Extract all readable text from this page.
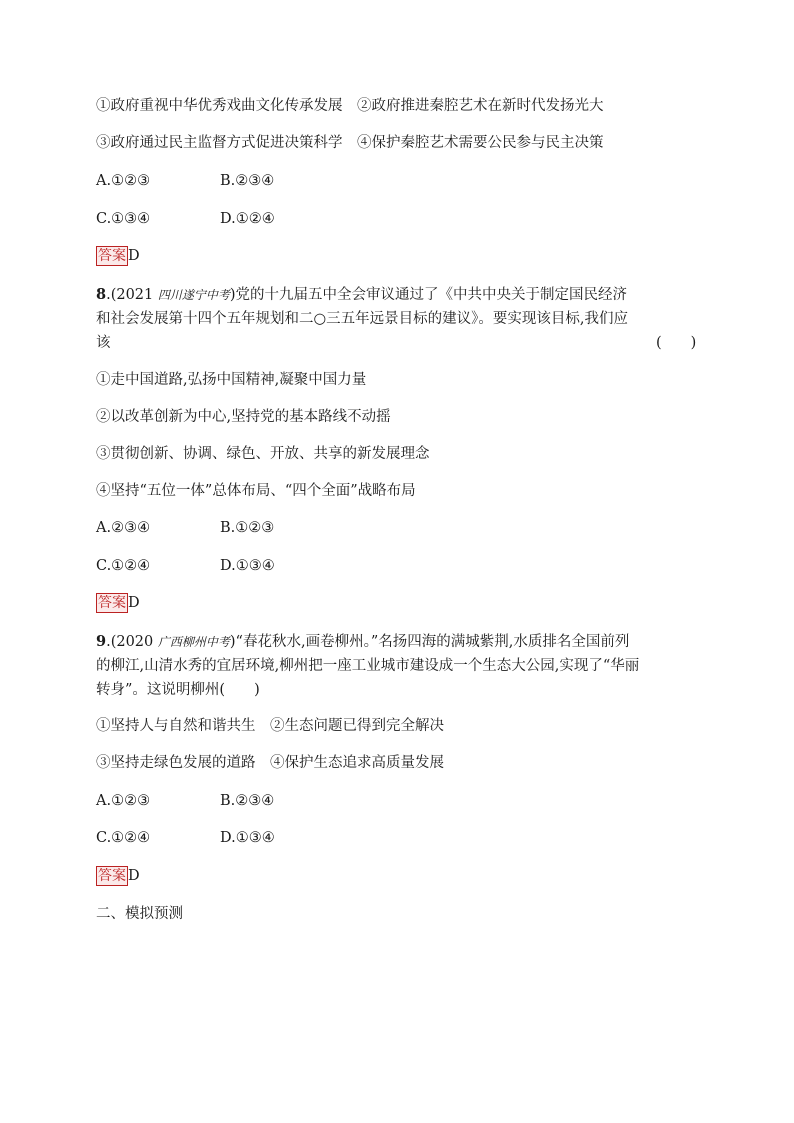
①政府重视中华优秀戏曲文化传承发展　 ②政府推进秦腔艺术在新时代发扬光大
③政府通过民主监督方式促进决策科学　 ④保护秦腔艺术需要公民参与民主决策
A.①②③	B.②③④
C.①③④	D.①②④
答案 D
8.(2021 四川遂宁中考)党的十九届五中全会审议通过了《中共中央关于制定国民经济
和社会发展第十四个五年规划和二○三五年远景目标的建议》。要实现该目标,我们应
该	(　　)
①走中国道路,弘扬中国精神,凝聚中国力量
②以改革创新为中心,坚持党的基本路线不动摇
③贯彻创新、协调、绿色、开放、共享的新发展理念
④坚持“五位一体”总体布局、“四个全面”战略布局
A.②③④	B.①②③
C.①②④	D.①③④
答案 D
9.(2020 广西柳州中考)“春花秋水,画卷柳州。”名扬四海的满城紫荆,水质排名全国前列
的柳江,山清水秀的宜居环境,柳州把一座工业城市建设成一个生态大公园,实现了“华丽
转身”。这说明柳州(　　)
①坚持人与自然和谐共生　②生态问题已得到完全解决
③坚持走绿色发展的道路　④保护生态追求高质量发展
A.①②③	B.②③④
C.①②④	D.①③④
答案 D
二、模拟预测
